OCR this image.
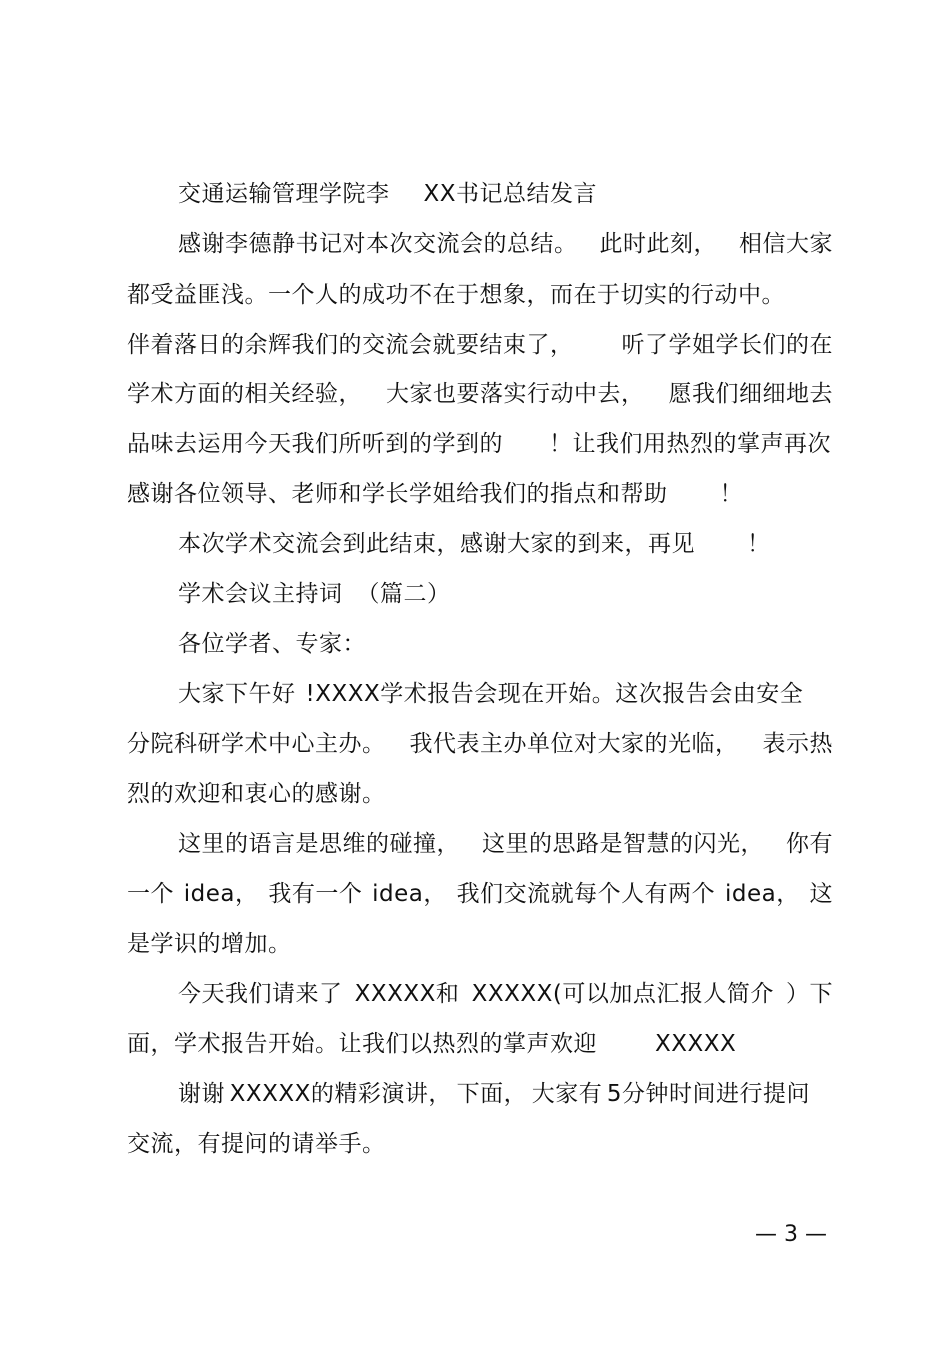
交通运输管理学院李 XX书记总结发言
感谢李德静书记对本次交流会的总结。 此时此刻， 相信大家
都受益匪浅。一个人的成功不在于想象，而在于切实的行动中。
伴着落日的余辉我们的交流会就要结束了， 听了学姐学长们的在
学术方面的相关经验， 大家也要落实行动中去， 愿我们细细地去
品味去运用今天我们所听到的学到的 ！让我们用热烈的掌声再次
感谢各位领导、老师和学长学姐给我们的指点和帮助 ！
本次学术交流会到此结束，感谢大家的到来，再见 ！
学术会议主持词 （篇二）
各位学者、专家：
大家下午好 !XXXX学术报告会现在开始。这次报告会由安全
分院科研学术中心主办。 我代表主办单位对大家的光临， 表示热
烈的欢迎和衷心的感谢。
这里的语言是思维的碰撞， 这里的思路是智慧的闪光， 你有
一个 idea， 我有一个 idea， 我们交流就每个人有两个 idea， 这
是学识的增加。
今天我们请来了 XXXXX和 XXXXX(可以加点汇报人简介 ）下
面，学术报告开始。让我们以热烈的掌声欢迎	XXXXX
谢谢 XXXXX的精彩演讲， 下面， 大家有 5分钟时间进行提问
交流，有提问的请举手。
— 3 —
